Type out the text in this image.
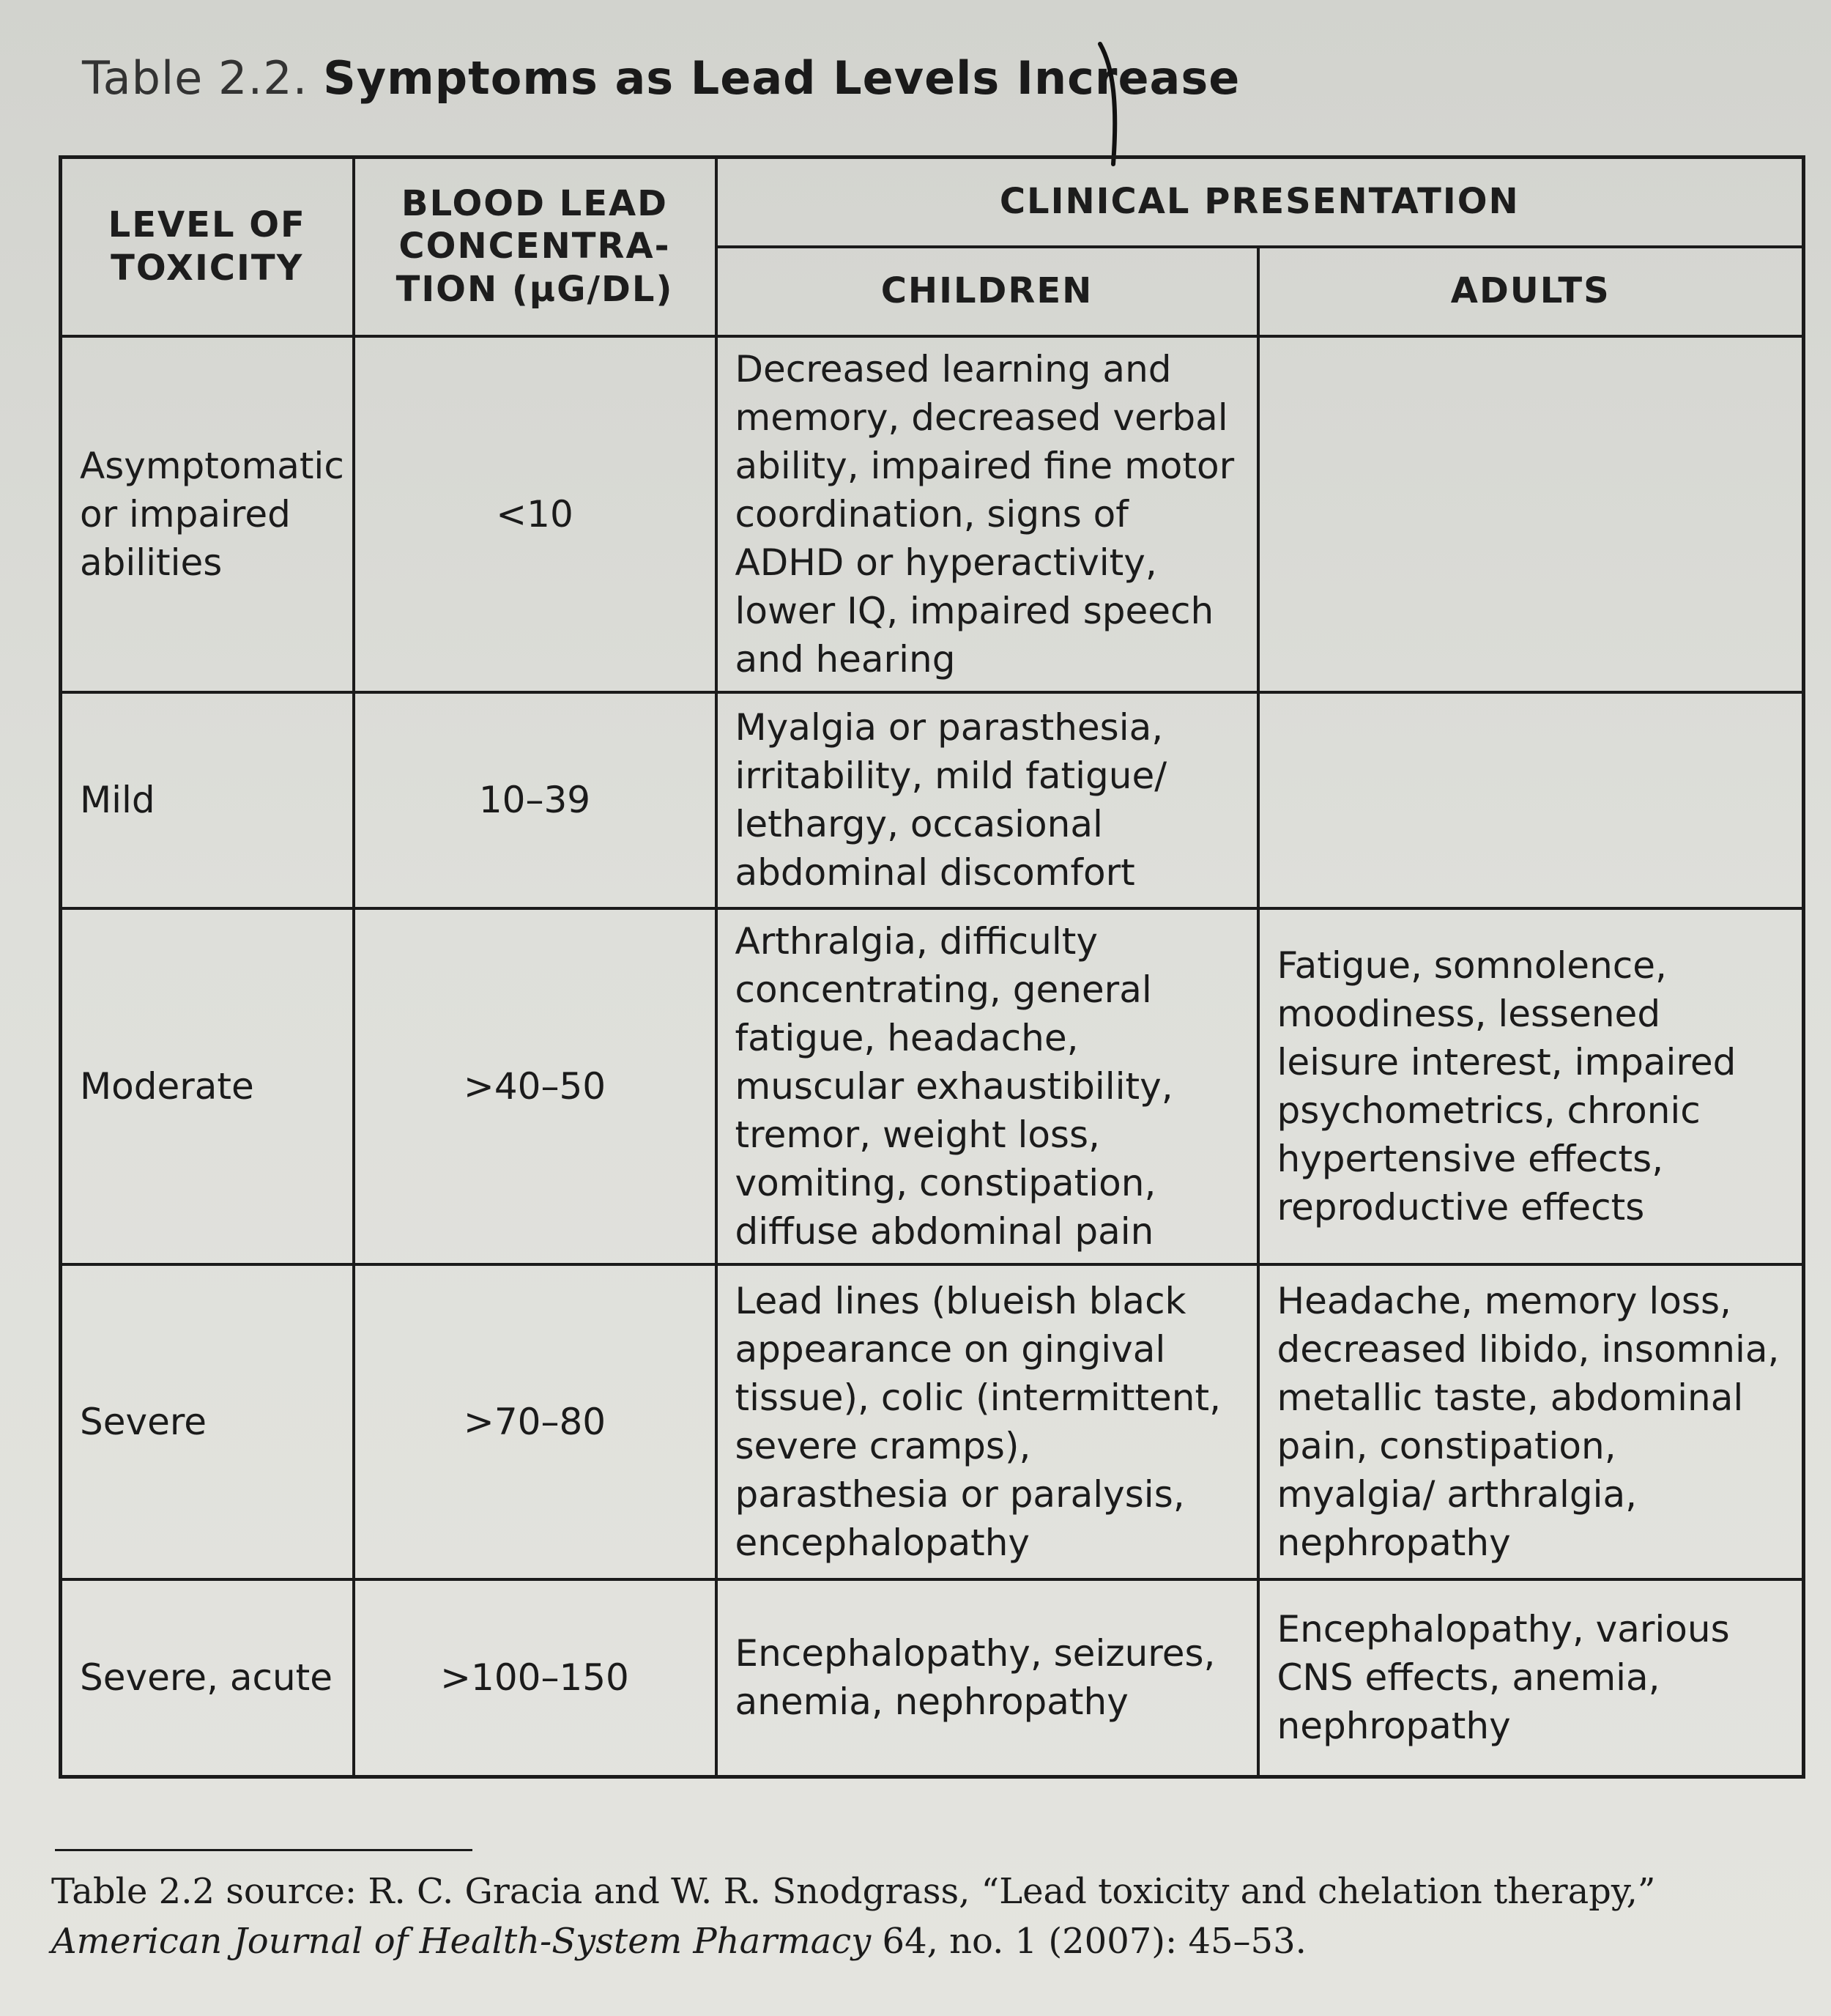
Table 2.2. Symptoms as Lead Levels Increase
LEVEL OF TOXICITY	BLOOD LEAD CONCENTRA-TION (μG/DL)	CLINICAL PRESENTATION	
		CHILDREN	ADULTS
Asymptomatic or impaired abilities	<10	Decreased learning and memory, decreased verbal ability, impaired fine motor coordination, signs of ADHD or hyperactivity, lower IQ, impaired speech and hearing	
Mild	10–39	Myalgia or parasthesia, irritability, mild fatigue/ lethargy, occasional abdominal discomfort	
Moderate	>40–50	Arthralgia, difficulty concentrating, general fatigue, headache, muscular exhaustibility, tremor, weight loss, vomiting, constipation, diffuse abdominal pain	Fatigue, somnolence, moodiness, lessened leisure interest, impaired psychometrics, chronic hypertensive effects, reproductive effects
Severe	>70–80	Lead lines (blueish black appearance on gingival tissue), colic (intermittent, severe cramps), parasthesia or paralysis, encephalopathy	Headache, memory loss, decreased libido, insomnia, metallic taste, abdominal pain, constipation, myalgia/ arthralgia, nephropathy
Severe, acute	>100–150	Encephalopathy, seizures, anemia, nephropathy	Encephalopathy, various CNS effects, anemia, nephropathy
Table 2.2 source: R. C. Gracia and W. R. Snodgrass, “Lead toxicity and chelation therapy,” American Journal of Health-System Pharmacy 64, no. 1 (2007): 45–53.
